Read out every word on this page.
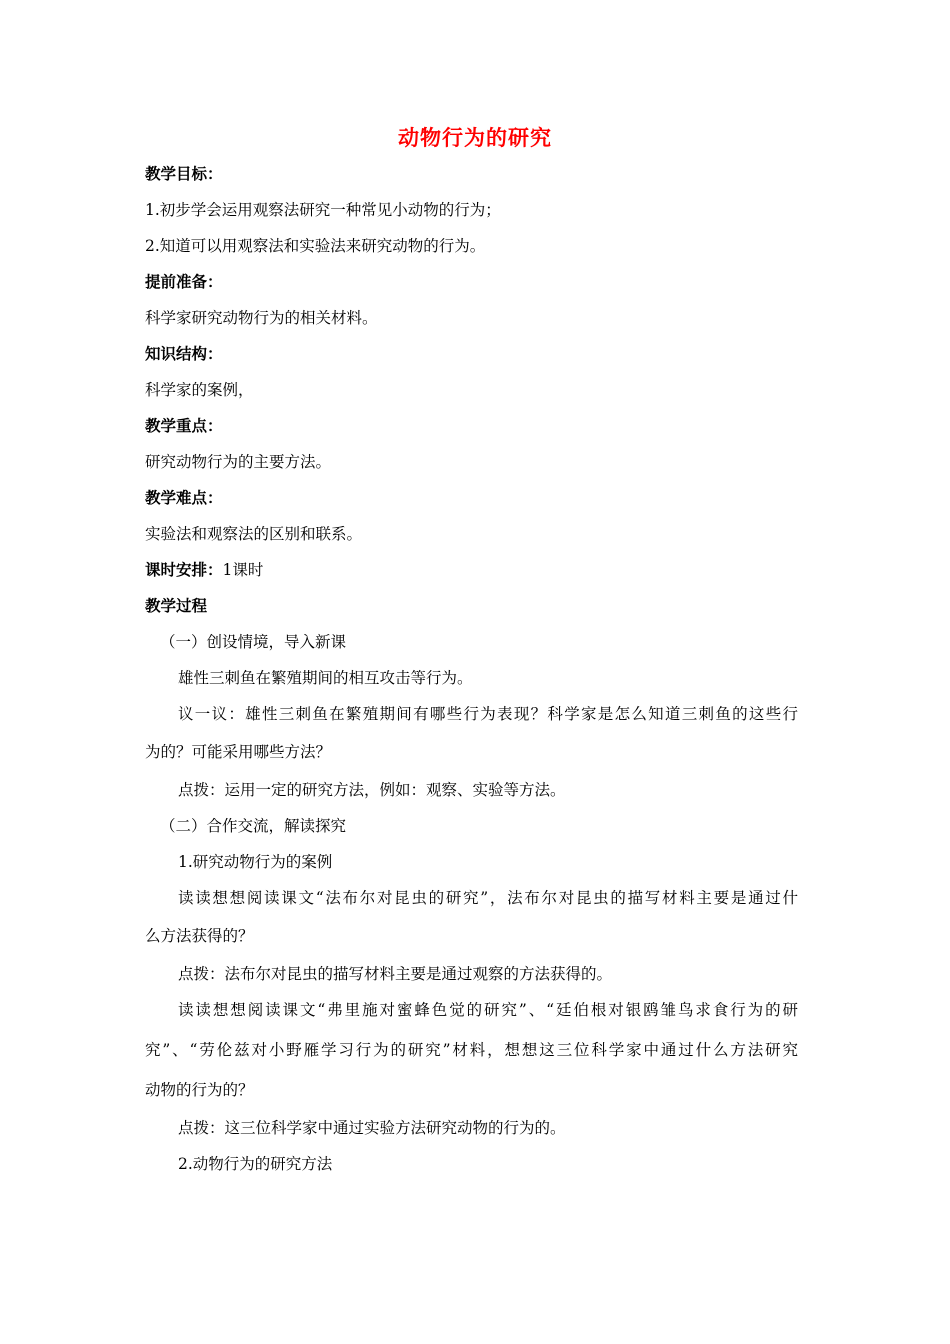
动物行为的研究
教学目标：
1.初步学会运用观察法研究一种常见小动物的行为；
2.知道可以用观察法和实验法来研究动物的行为。
提前准备：
科学家研究动物行为的相关材料。
知识结构：
科学家的案例，
教学重点：
研究动物行为的主要方法。
教学难点：
实验法和观察法的区别和联系。
课时安排：1课时
教学过程
（一）创设情境，导入新课
雄性三刺鱼在繁殖期间的相互攻击等行为。
议一议：雄性三刺鱼在繁殖期间有哪些行为表现？科学家是怎么知道三刺鱼的这些行
为的？可能采用哪些方法？
点拨：运用一定的研究方法，例如：观察、实验等方法。
（二）合作交流，解读探究
1.研究动物行为的案例
读读想想阅读课文“法布尔对昆虫的研究”，法布尔对昆虫的描写材料主要是通过什
么方法获得的？
点拨：法布尔对昆虫的描写材料主要是通过观察的方法获得的。
读读想想阅读课文“弗里施对蜜蜂色觉的研究”、“廷伯根对银鸥雏鸟求食行为的研
究”、“劳伦兹对小野雁学习行为的研究”材料，想想这三位科学家中通过什么方法研究
动物的行为的？
点拨：这三位科学家中通过实验方法研究动物的行为的。
2.动物行为的研究方法
